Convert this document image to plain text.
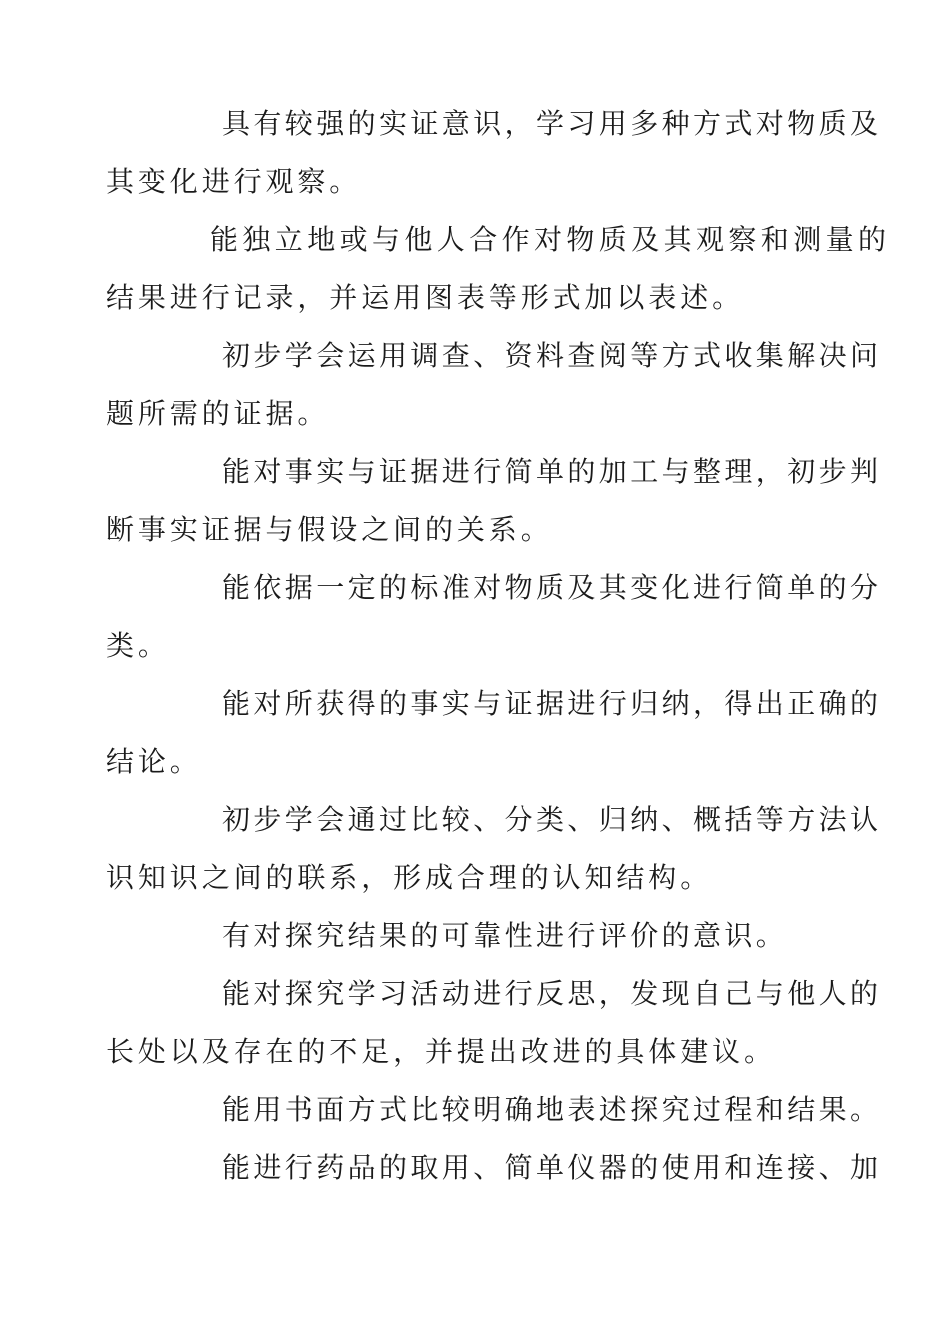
具有较强的实证意识，学习用多种方式对物质及
其变化进行观察。
能独立地或与他人合作对物质及其观察和测量的
结果进行记录，并运用图表等形式加以表述。
初步学会运用调查、资料查阅等方式收集解决问
题所需的证据。
能对事实与证据进行简单的加工与整理，初步判
断事实证据与假设之间的关系。
能依据一定的标准对物质及其变化进行简单的分
类。
能对所获得的事实与证据进行归纳，得出正确的
结论。
初步学会通过比较、分类、归纳、概括等方法认
识知识之间的联系，形成合理的认知结构。
有对探究结果的可靠性进行评价的意识。
能对探究学习活动进行反思，发现自己与他人的
长处以及存在的不足，并提出改进的具体建议。
能用书面方式比较明确地表述探究过程和结果。
能进行药品的取用、简单仪器的使用和连接、加
